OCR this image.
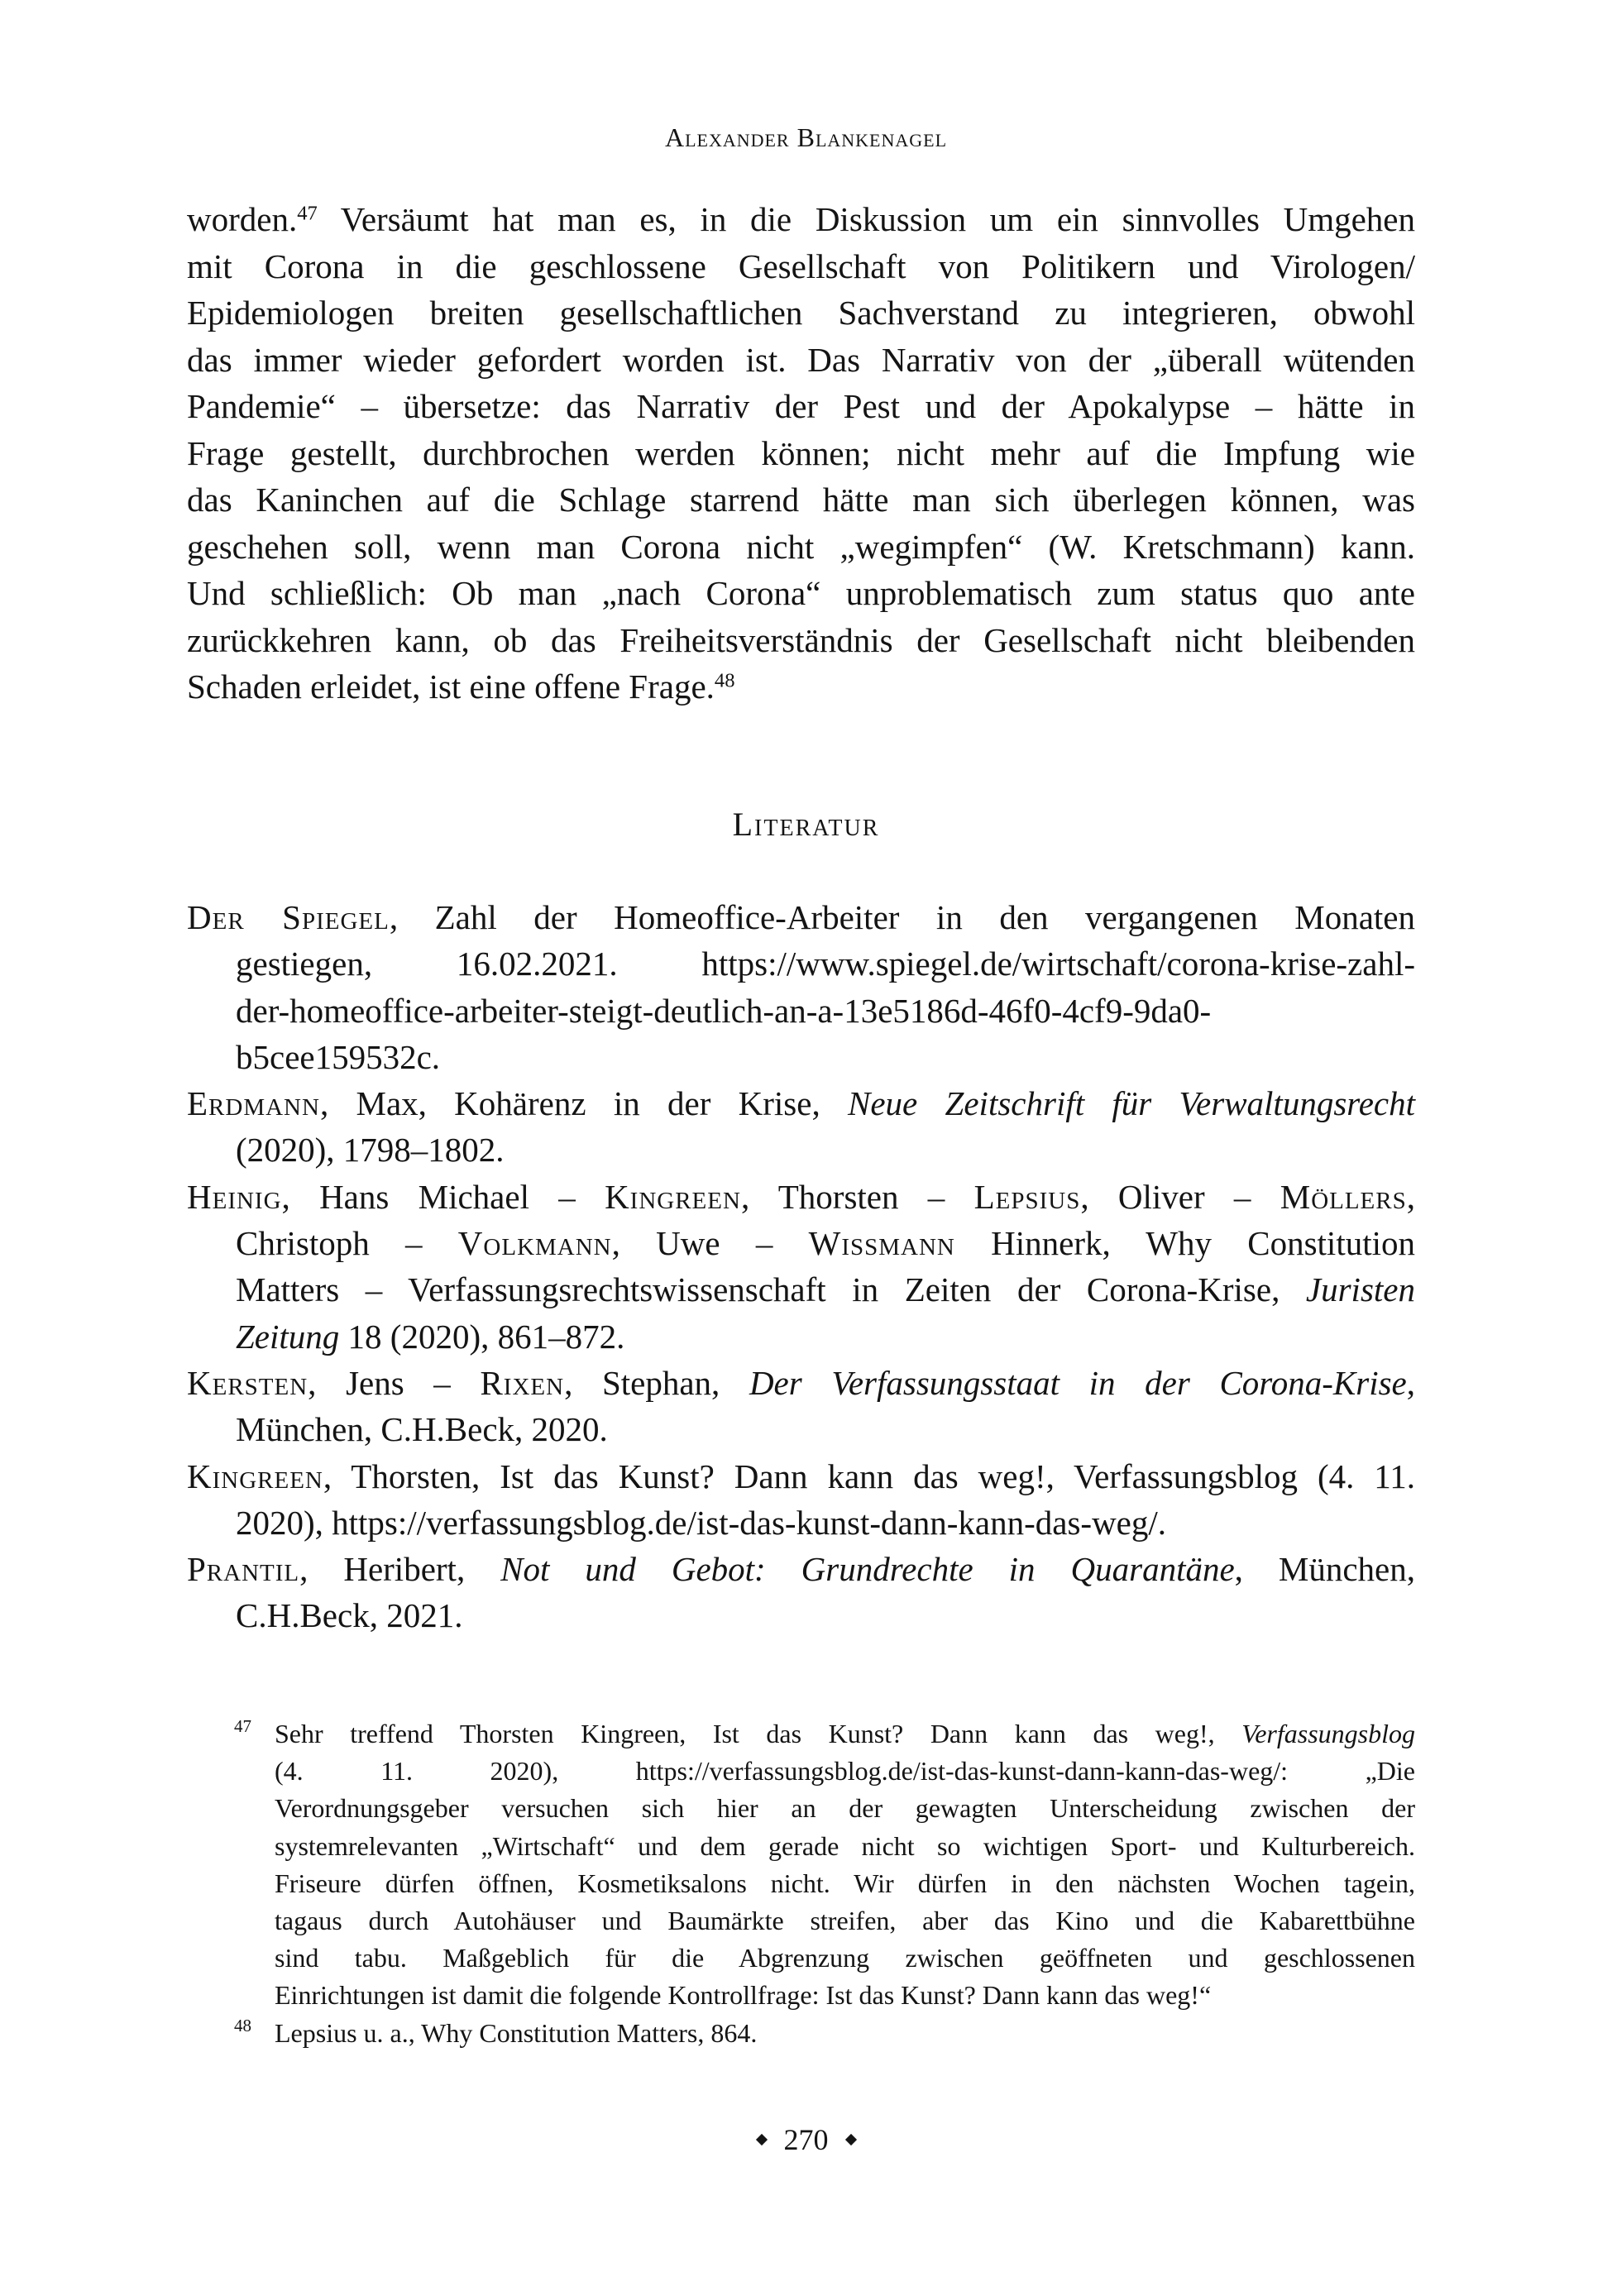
Alexander Blankenagel
worden.$^{47}$ Versäumt hat man es, in die Diskussion um ein sinnvolles Umgehen
mit Corona in die geschlossene Gesellschaft von Politikern und Virologen/
Epidemiologen breiten gesellschaftlichen Sachverstand zu integrieren, obwohl
das immer wieder gefordert worden ist. Das Narrativ von der „überall wütenden
Pandemie“ – übersetze: das Narrativ der Pest und der Apokalypse – hätte in
Frage gestellt, durchbrochen werden können; nicht mehr auf die Impfung wie
das Kaninchen auf die Schlage starrend hätte man sich überlegen können, was
geschehen soll, wenn man Corona nicht „wegimpfen“ (W. Kretschmann) kann.
Und schließlich: Ob man „nach Corona“ unproblematisch zum status quo ante
zurückkehren kann, ob das Freiheitsverständnis der Gesellschaft nicht bleibenden
Schaden erleidet, ist eine offene Frage.$^{48}$
Literatur
Der Spiegel, Zahl der Homeoffice-Arbeiter in den vergangenen Monaten
gestiegen, 16.02.2021. https://www.spiegel.de/wirtschaft/corona-krise-zahl-
der-homeoffice-arbeiter-steigt-deutlich-an-a-13e5186d-46f0-4cf9-9da0-
b5cee159532c.
Erdmann, Max, Kohärenz in der Krise, Neue Zeitschrift für Verwaltungsrecht
(2020), 1798–1802.
Heinig, Hans Michael – Kingreen, Thorsten – Lepsius, Oliver – Möllers,
Christoph – Volkmann, Uwe – Wissmann Hinnerk, Why Constitution
Matters – Verfassungsrechtswissenschaft in Zeiten der Corona-Krise, Juristen
Zeitung 18 (2020), 861–872.
Kersten, Jens – Rixen, Stephan, Der Verfassungsstaat in der Corona-Krise,
München, C.H.Beck, 2020.
Kingreen, Thorsten, Ist das Kunst? Dann kann das weg!, Verfassungsblog (4. 11.
2020), https://verfassungsblog.de/ist-das-kunst-dann-kann-das-weg/.
Prantil, Heribert, Not und Gebot: Grundrechte in Quarantäne, München,
C.H.Beck, 2021.
47 Sehr treffend Thorsten Kingreen, Ist das Kunst? Dann kann das weg!, Verfassungsblog
(4. 11. 2020), https://verfassungsblog.de/ist-das-kunst-dann-kann-das-weg/: „Die
Verordnungsgeber versuchen sich hier an der gewagten Unterscheidung zwischen der
systemrelevanten „Wirtschaft“ und dem gerade nicht so wichtigen Sport- und Kulturbereich.
Friseure dürfen öffnen, Kosmetiksalons nicht. Wir dürfen in den nächsten Wochen tagein,
tagaus durch Autohäuser und Baumärkte streifen, aber das Kino und die Kabarettbühne
sind tabu. Maßgeblich für die Abgrenzung zwischen geöffneten und geschlossenen
Einrichtungen ist damit die folgende Kontrollfrage: Ist das Kunst? Dann kann das weg!“
48 Lepsius u. a., Why Constitution Matters, 864.
270
